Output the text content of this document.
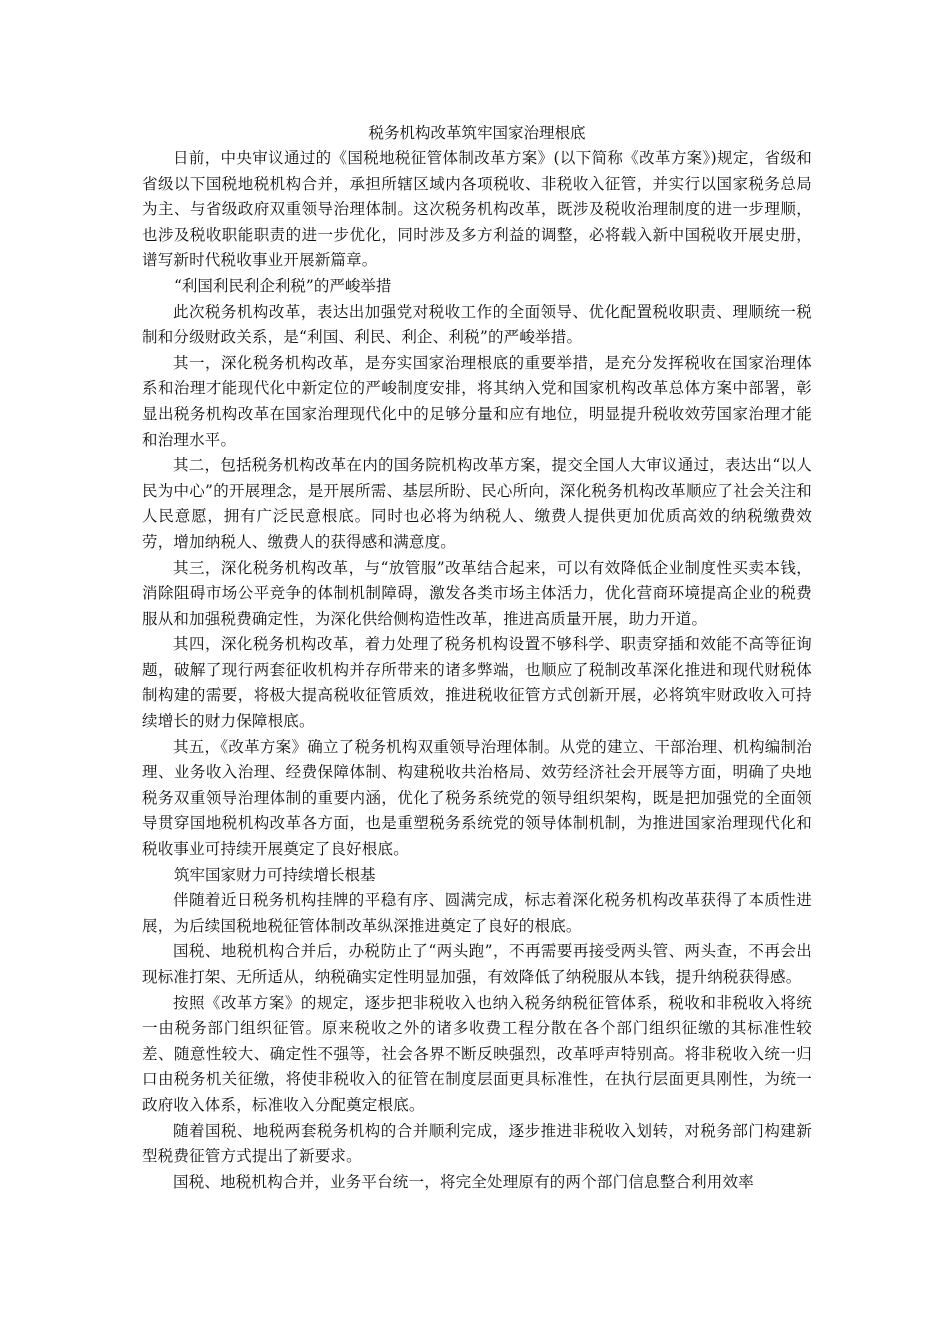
税务机构改革筑牢国家治理根底

日前，中央审议通过的《国税地税征管体制改革方案》(以下简称《改革方案》)规定，省级和省级以下国税地税机构合并，承担所辖区域内各项税收、非税收入征管，并实行以国家税务总局为主、与省级政府双重领导治理体制。这次税务机构改革，既涉及税收治理制度的进一步理顺，也涉及税收职能职责的进一步优化，同时涉及多方利益的调整，必将载入新中国税收开展史册，谱写新时代税收事业开展新篇章。

“利国利民利企利税”的严峻举措

此次税务机构改革，表达出加强党对税收工作的全面领导、优化配置税收职责、理顺统一税制和分级财政关系，是“利国、利民、利企、利税”的严峻举措。

其一，深化税务机构改革，是夯实国家治理根底的重要举措，是充分发挥税收在国家治理体系和治理才能现代化中新定位的严峻制度安排，将其纳入党和国家机构改革总体方案中部署，彰显出税务机构改革在国家治理现代化中的足够分量和应有地位，明显提升税收效劳国家治理才能和治理水平。

其二，包括税务机构改革在内的国务院机构改革方案，提交全国人大审议通过，表达出“以人民为中心”的开展理念，是开展所需、基层所盼、民心所向，深化税务机构改革顺应了社会关注和人民意愿，拥有广泛民意根底。同时也必将为纳税人、缴费人提供更加优质高效的纳税缴费效劳，增加纳税人、缴费人的获得感和满意度。

其三，深化税务机构改革，与“放管服”改革结合起来，可以有效降低企业制度性买卖本钱，消除阻碍市场公平竞争的体制机制障碍，激发各类市场主体活力，优化营商环境提高企业的税费服从和加强税费确定性，为深化供给侧构造性改革，推进高质量开展，助力开道。

其四，深化税务机构改革，着力处理了税务机构设置不够科学、职责穿插和效能不高等征询题，破解了现行两套征收机构并存所带来的诸多弊端，也顺应了税制改革深化推进和现代财税体制构建的需要，将极大提高税收征管质效，推进税收征管方式创新开展，必将筑牢财政收入可持续增长的财力保障根底。

其五，《改革方案》确立了税务机构双重领导治理体制。从党的建立、干部治理、机构编制治理、业务收入治理、经费保障体制、构建税收共治格局、效劳经济社会开展等方面，明确了央地税务双重领导治理体制的重要内涵，优化了税务系统党的领导组织架构，既是把加强党的全面领导贯穿国地税机构改革各方面，也是重塑税务系统党的领导体制机制，为推进国家治理现代化和税收事业可持续开展奠定了良好根底。

筑牢国家财力可持续增长根基

伴随着近日税务机构挂牌的平稳有序、圆满完成，标志着深化税务机构改革获得了本质性进展，为后续国税地税征管体制改革纵深推进奠定了良好的根底。

国税、地税机构合并后，办税防止了“两头跑”，不再需要再接受两头管、两头查，不再会出现标准打架、无所适从，纳税确实定性明显加强，有效降低了纳税服从本钱，提升纳税获得感。

按照《改革方案》的规定，逐步把非税收入也纳入税务纳税征管体系，税收和非税收入将统一由税务部门组织征管。原来税收之外的诸多收费工程分散在各个部门组织征缴的其标准性较差、随意性较大、确定性不强等，社会各界不断反映强烈，改革呼声特别高。将非税收入统一归口由税务机关征缴，将使非税收入的征管在制度层面更具标准性，在执行层面更具刚性，为统一政府收入体系，标准收入分配奠定根底。

随着国税、地税两套税务机构的合并顺利完成，逐步推进非税收入划转，对税务部门构建新型税费征管方式提出了新要求。

国税、地税机构合并，业务平台统一，将完全处理原有的两个部门信息整合利用效率
